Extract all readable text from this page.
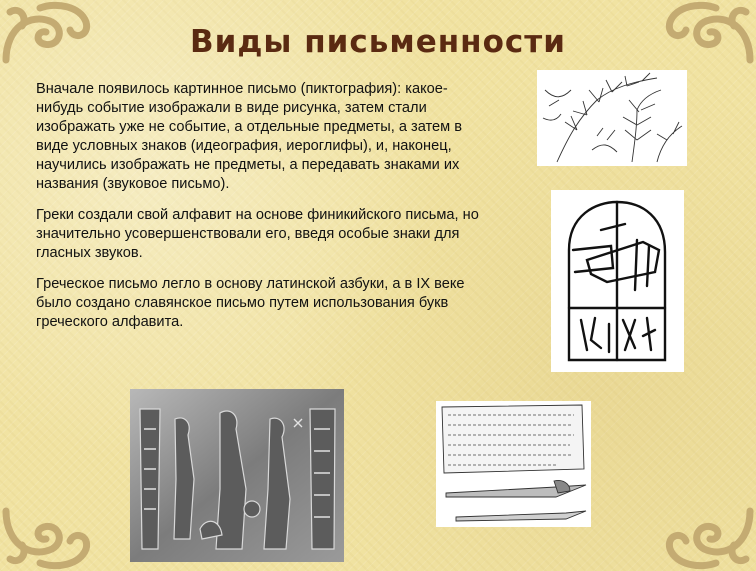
Виды письменности

Вначале появилось картинное письмо (пиктография): какое-нибудь событие изображали в виде рисунка, затем стали изображать уже не событие, а отдельные предметы, а затем в виде условных знаков (идеография, иероглифы), и, наконец, научились изображать не предметы, а передавать знаками их названия (звуковое письмо).

Греки создали свой алфавит на основе финикийского письма, но значительно усовершенствовали его, введя особые знаки для гласных звуков.

Греческое письмо легло в основу латинской азбуки, а в IX веке было создано славянское письмо путем использования букв греческого алфавита.
